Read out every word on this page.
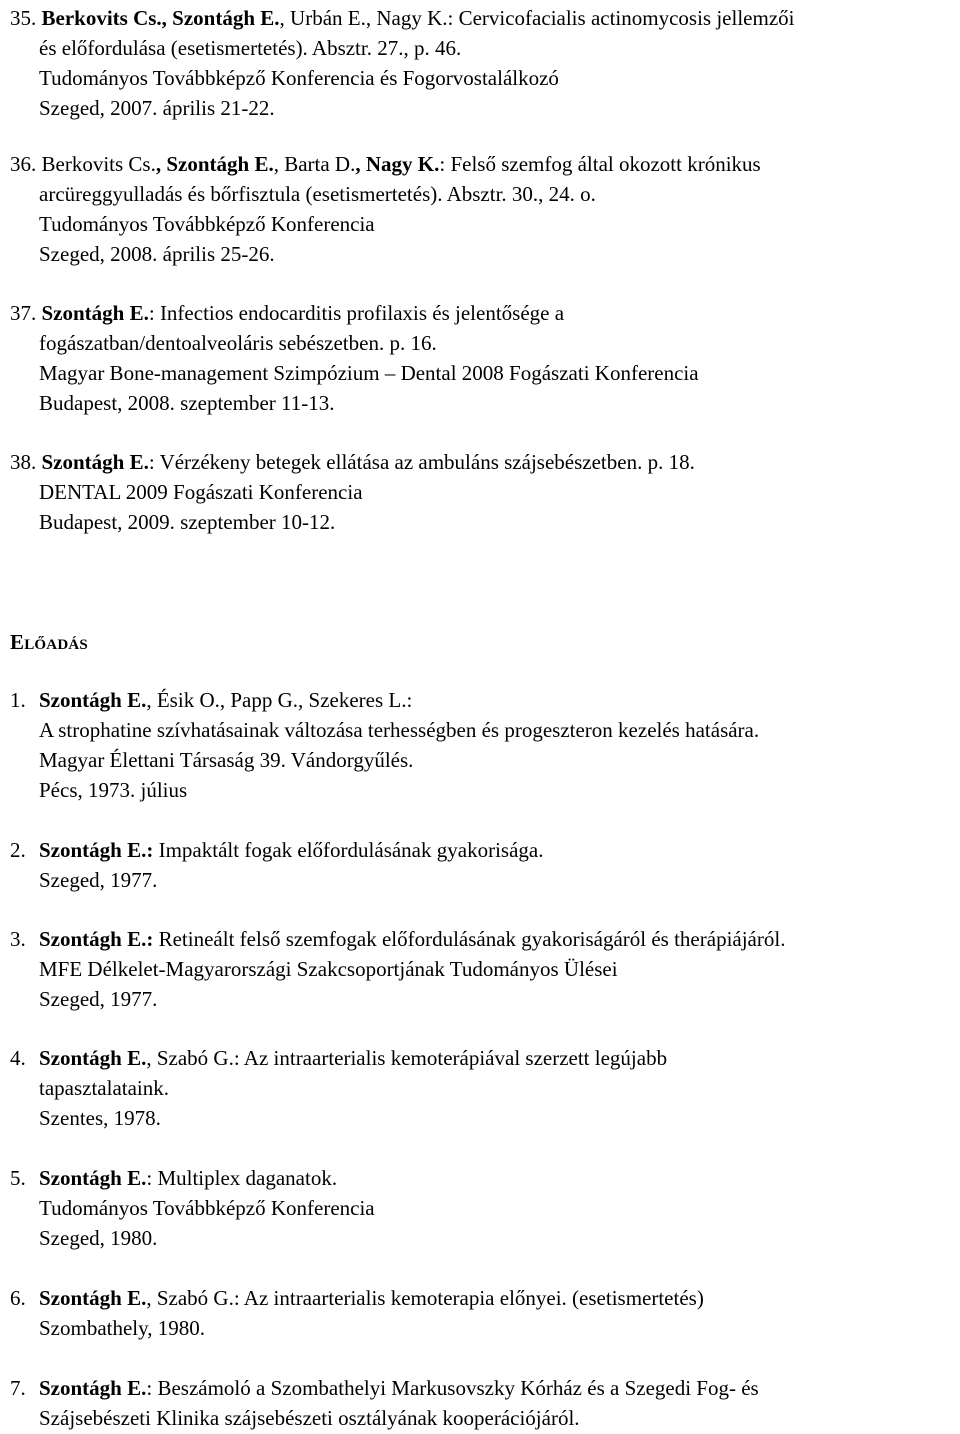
35. Berkovits Cs., Szontágh E., Urbán E., Nagy K.: Cervicofacialis actinomycosis jellemzői

és előfordulása (esetismertetés). Absztr. 27., p. 46.

Tudományos Továbbképző Konferencia és Fogorvostalálkozó

Szeged, 2007. április 21-22.

36. Berkovits Cs., Szontágh E., Barta D., Nagy K.: Felső szemfog által okozott krónikus

arcüreggyulladás és bőrfisztula (esetismertetés). Absztr. 30., 24. o.

Tudományos Továbbképző Konferencia

Szeged, 2008. április 25-26.

37. Szontágh E.: Infectios endocarditis profilaxis és jelentősége a

fogászatban/dentoalveoláris sebészetben. p. 16.

Magyar Bone-management Szimpózium – Dental 2008 Fogászati Konferencia

Budapest, 2008. szeptember 11-13.

38. Szontágh E.: Vérzékeny betegek ellátása az ambuláns szájsebészetben. p. 18.

DENTAL 2009 Fogászati Konferencia

Budapest, 2009. szeptember 10-12.

ELŐADÁS

1. Szontágh E., Ésik O., Papp G., Szekeres L.:

A strophatine szívhatásainak változása terhességben és progeszteron kezelés hatására.

Magyar Élettani Társaság 39. Vándorgyűlés.

Pécs, 1973. július

2. Szontágh E.: Impaktált fogak előfordulásának gyakorisága.

Szeged, 1977.

3. Szontágh E.: Retineált felső szemfogak előfordulásának gyakoriságáról és therápiájáról.

MFE Délkelet-Magyarországi Szakcsoportjának Tudományos Ülései

Szeged, 1977.

4. Szontágh E., Szabó G.: Az intraarterialis kemoterápiával szerzett legújabb

tapasztalataink.

Szentes, 1978.

5. Szontágh E.: Multiplex daganatok.

Tudományos Továbbképző Konferencia

Szeged, 1980.

6. Szontágh E., Szabó G.: Az intraarterialis kemoterapia előnyei. (esetismertetés)

Szombathely, 1980.

7. Szontágh E.: Beszámoló a Szombathelyi Markusovszky Kórház és a Szegedi Fog- és

Szájsebészeti Klinika szájsebészeti osztályának kooperációjáról.
